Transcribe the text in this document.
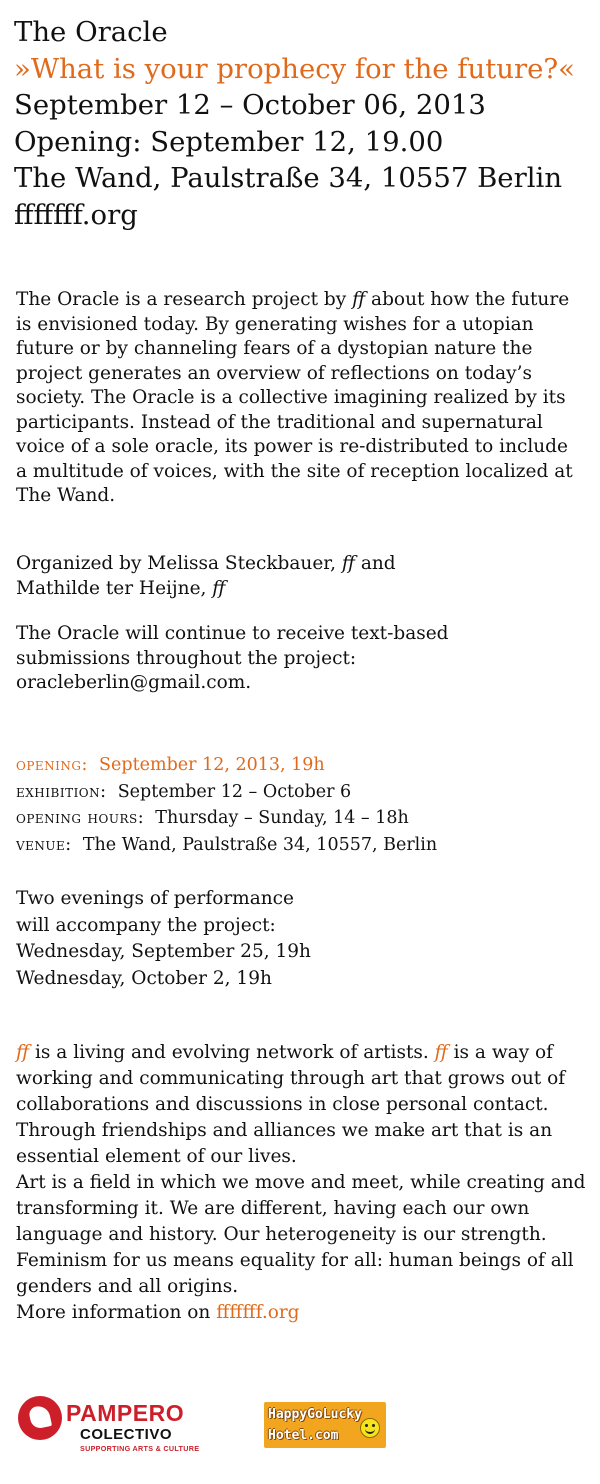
The Oracle
»What is your prophecy for the future?«
September 12 – October 06, 2013
Opening: September 12, 19.00
The Wand, Paulstraße 34, 10557 Berlin
fffffff.org

The Oracle is a research project by ff about how the future is envisioned today. By generating wishes for a utopian future or by channeling fears of a dystopian nature the project generates an overview of reflections on today’s society. The Oracle is a collective imagining realized by its participants. Instead of the traditional and supernatural voice of a sole oracle, its power is re-distributed to include a multitude of voices, with the site of reception localized at The Wand.

Organized by Melissa Steckbauer, ff and
Mathilde ter Heijne, ff

The Oracle will continue to receive text-based
submissions throughout the project:
oracleberlin@gmail.com.

opening: September 12, 2013, 19h
exhibition: September 12 – October 6
opening hours: Thursday – Sunday, 14 – 18h
venue: The Wand, Paulstraße 34, 10557, Berlin
Two evenings of performance
will accompany the project:
Wednesday, September 25, 19h
Wednesday, October 2, 19h

ff is a living and evolving network of artists. ff is a way of working and communicating through art that grows out of collaborations and discussions in close personal contact. Through friendships and alliances we make art that is an essential element of our lives.

Art is a field in which we move and meet, while creating and transforming it. We are different, having each our own language and history. Our heterogeneity is our strength. Feminism for us means equality for all: human beings of all genders and all origins.

More information on fffffff.org

PAMPERO
COLECTIVO
SUPPORTING ARTS & CULTURE
HappyGoLucky
Hotel.com
